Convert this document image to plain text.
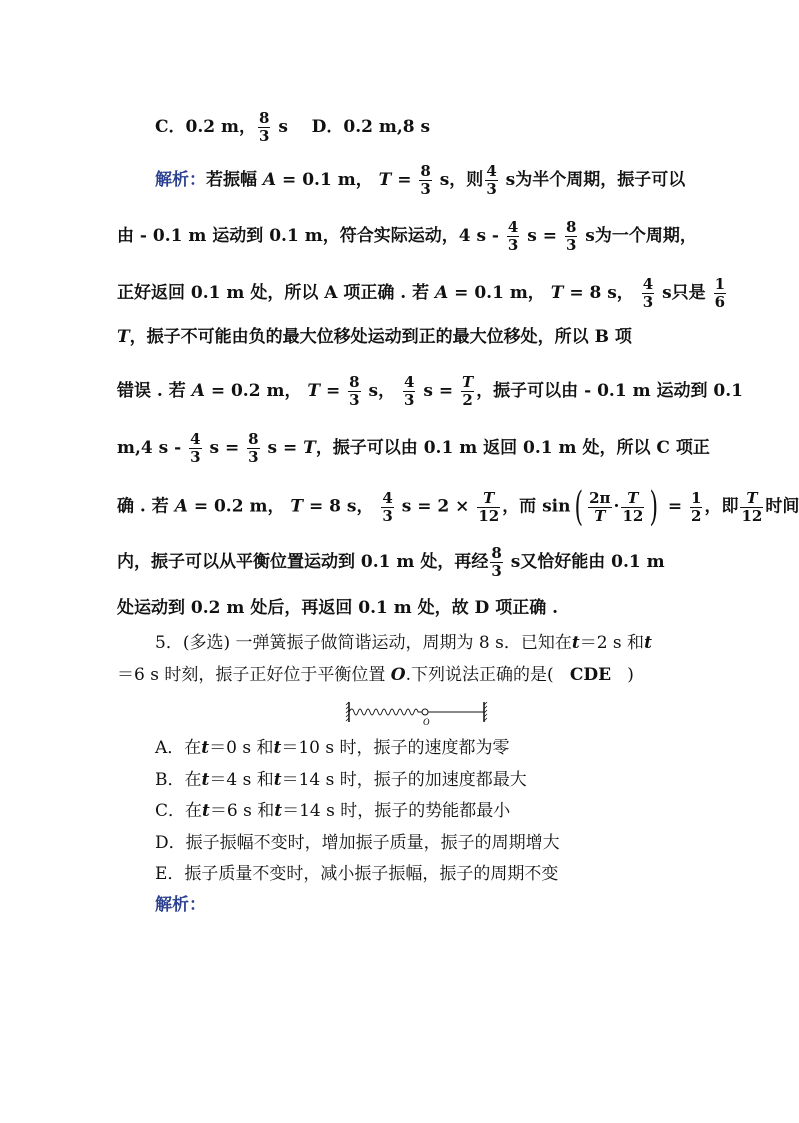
C．0.2 m， $\frac{8}{3}$ s D．0.2 m,8 s
解析：若振幅 A = 0.1 m， $T = \frac{8}{3}$ s，则 $\frac{4}{3}$ s为半个周期，振子可以
由 - 0.1 m 运动到 0.1 m，符合实际运动，4 s - $\frac{4}{3}$ $s = \frac{8}{3}$ s为一个周期，
正好返回 0.1 m 处，所以 A 项正确 . 若 A = 0.1 m， T = 8 s， $\frac{4}{3}$ s只是 $\frac{1}{6}$
T，振子不可能由负的最大位移处运动到正的最大位移处，所以 B 项
错误 . 若 A = 0.2 m， $T = \frac{8}{3}$ s， $\frac{4}{3}$ $s = \frac{T}{2}$ ，振子可以由 - 0.1 m 运动到 0.1
m,4 s - $\frac{4}{3}$ $s = \frac{8}{3}$ s = T，振子可以由 0.1 m 返回 0.1 m 处，所以 C 项正
确 . 若 A = 0.2 m， T = 8 s， $\frac{4}{3}$ $s = 2 \times \frac{T}{12}$ ，而 $\sin( \frac{2\pi}{T} \cdot \frac{T}{12}$ ) = $\frac{1}{2}$ ，即 $\frac{T}{12}$ 时间
内，振子可以从平衡位置运动到 0.1 m 处，再经 $\frac{8}{3}$ s又恰好能由 0.1 m
处运动到 0.2 m 处后，再返回 0.1 m 处，故 D 项正确 .
5．(多选) 一弹簧振子做简谐运动，周期为 8 s．已知在t＝2 s 和t
＝6 s 时刻，振子正好位于平衡位置 O.下列说法正确的是( CDE )
O
A．在t＝0 s 和t＝10 s 时，振子的速度都为零
B．在t＝4 s 和t＝14 s 时，振子的加速度都最大
C．在t＝6 s 和t＝14 s 时，振子的势能都最小
D．振子振幅不变时，增加振子质量，振子的周期增大
E．振子质量不变时，减小振子振幅，振子的周期不变
解析：
